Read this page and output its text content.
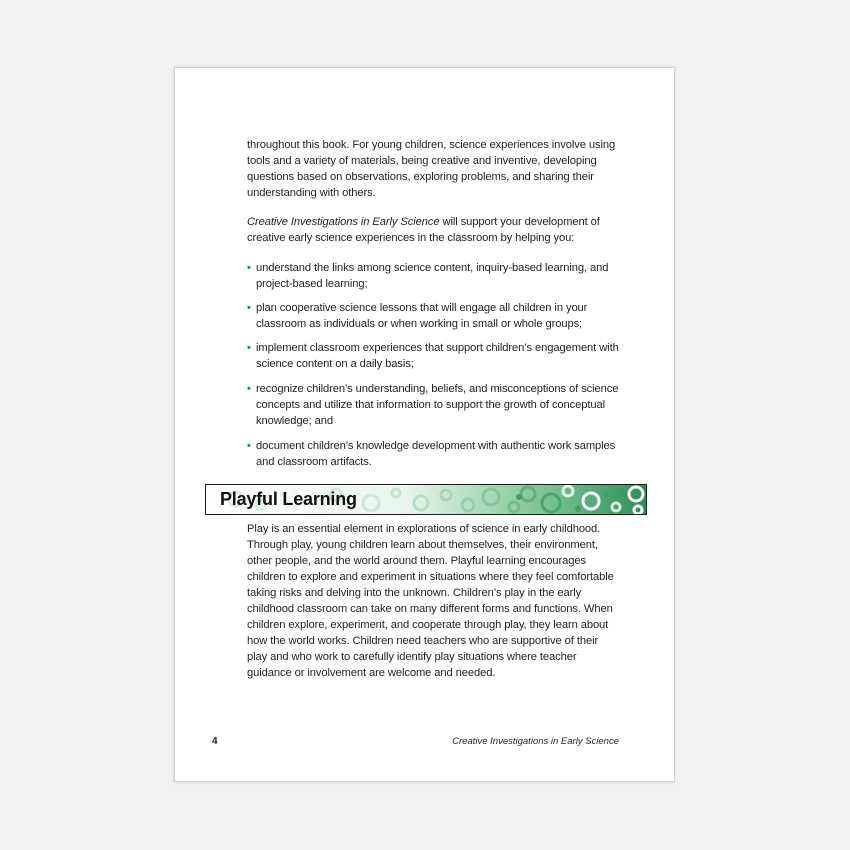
throughout this book. For young children, science experiences involve using tools and a variety of materials, being creative and inventive, developing questions based on observations, exploring problems, and sharing their understanding with others.

Creative Investigations in Early Science will support your development of creative early science experiences in the classroom by helping you:

• understand the links among science content, inquiry-based learning, and project-based learning;
• plan cooperative science lessons that will engage all children in your classroom as individuals or when working in small or whole groups;
• implement classroom experiences that support children’s engagement with science content on a daily basis;
• recognize children’s understanding, beliefs, and misconceptions of science concepts and utilize that information to support the growth of conceptual knowledge; and
• document children’s knowledge development with authentic work samples and classroom artifacts.
Playful Learning

Play is an essential element in explorations of science in early childhood. Through play, young children learn about themselves, their environment, other people, and the world around them. Playful learning encourages children to explore and experiment in situations where they feel comfortable taking risks and delving into the unknown. Children’s play in the early childhood classroom can take on many different forms and functions. When children explore, experiment, and cooperate through play, they learn about how the world works. Children need teachers who are supportive of their play and who work to carefully identify play situations where teacher guidance or involvement are welcome and needed.

4	Creative Investigations in Early Science
